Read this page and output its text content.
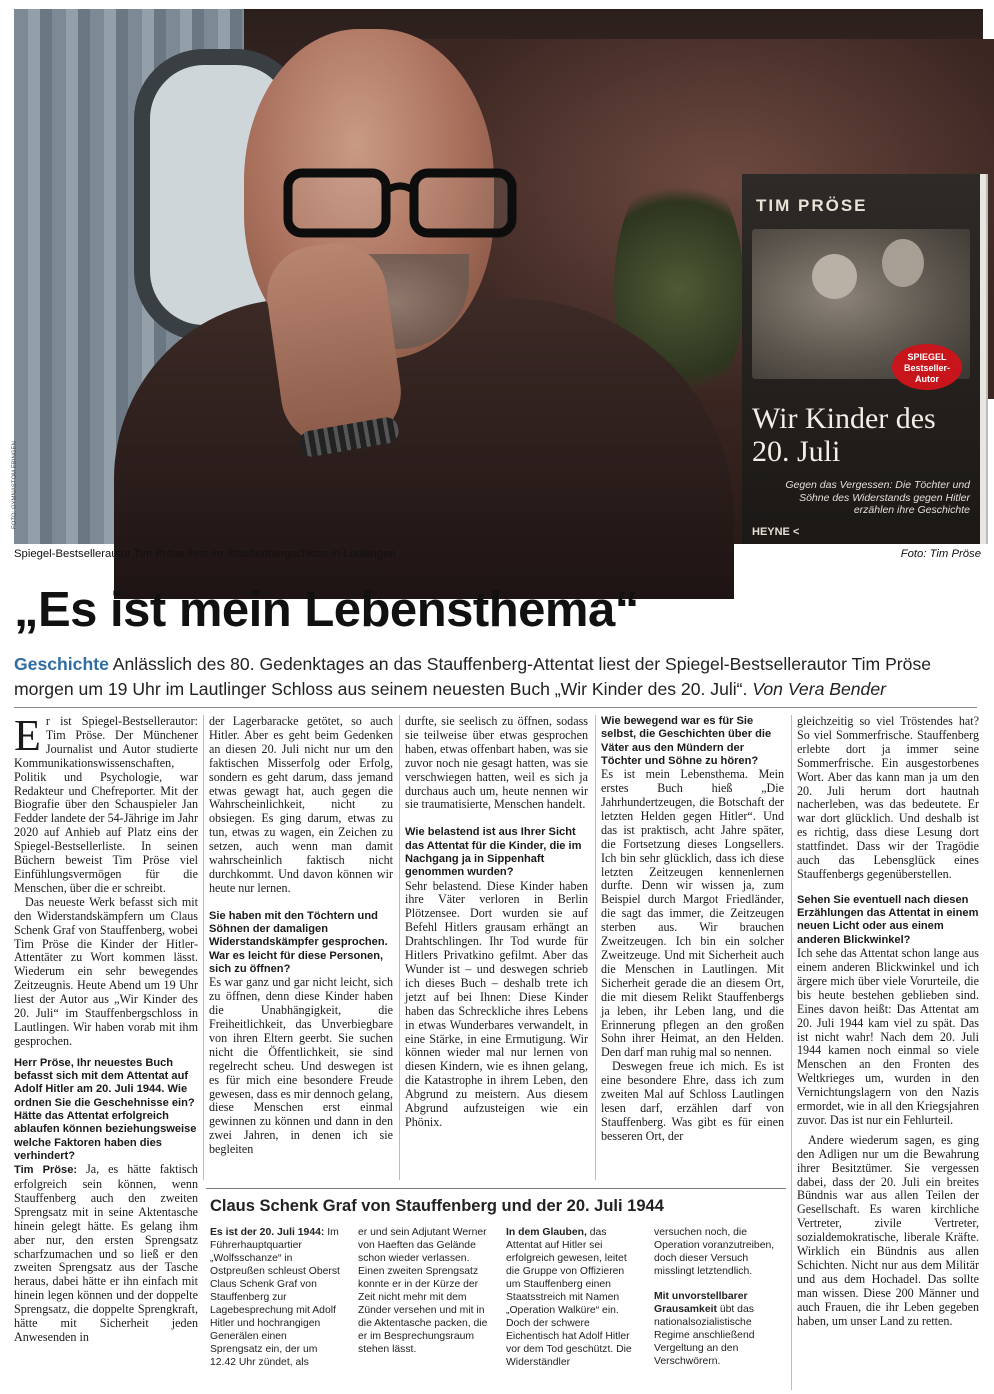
FOTO: GYMNASTOM EBINGEN
TIM PRÖSE
SPIEGEL
Bestseller-Autor
Wir Kinder des 20. Juli
Gegen das Vergessen: Die Töchter und Söhne des Widerstands gegen Hitler erzählen ihre Geschichte
HEYNE <
Spiegel-Bestsellerautor Tim Pröse liest im Stauffenbergschloss in Lautlingen.	Foto: Tim Pröse
„Es ist mein Lebensthema“
Geschichte Anlässlich des 80. Gedenktages an das Stauffenberg-Attentat liest der Spiegel-Bestsellerautor Tim Pröse morgen um 19 Uhr im Lautlinger Schloss aus seinem neuesten Buch „Wir Kinder des 20. Juli“. Von Vera Bender

Er ist Spiegel-Bestsellerautor: Tim Pröse. Der Münchener Journalist und Autor studierte Kommunikationswissenschaften, Politik und Psychologie, war Redakteur und Chefreporter. Mit der Biografie über den Schauspieler Jan Fedder landete der 54-Jährige im Jahr 2020 auf Anhieb auf Platz eins der Spiegel-Bestsellerliste. In seinen Büchern beweist Tim Pröse viel Einfühlungsvermögen für die Menschen, über die er schreibt.

Das neueste Werk befasst sich mit den Widerstandskämpfern um Claus Schenk Graf von Stauffenberg, wobei Tim Pröse die Kinder der Hitler-Attentäter zu Wort kommen lässt. Wiederum ein sehr bewegendes Zeitzeugnis. Heute Abend um 19 Uhr liest der Autor aus „Wir Kinder des 20. Juli“ im Stauffenbergschloss in Lautlingen. Wir haben vorab mit ihm gesprochen.

Herr Pröse, Ihr neuestes Buch befasst sich mit dem Attentat auf Adolf Hitler am 20. Juli 1944. Wie ordnen Sie die Geschehnisse ein? Hätte das Attentat erfolgreich ablaufen können beziehungsweise welche Faktoren haben dies verhindert?

Tim Pröse: Ja, es hätte faktisch erfolgreich sein können, wenn Stauffenberg auch den zweiten Sprengsatz mit in seine Aktentasche hinein gelegt hätte. Es gelang ihm aber nur, den ersten Sprengsatz scharfzumachen und so ließ er den zweiten Sprengsatz aus der Tasche heraus, dabei hätte er ihn einfach mit hinein legen können und der doppelte Sprengsatz, die doppelte Sprengkraft, hätte mit Sicherheit jeden Anwesenden in

der Lagerbaracke getötet, so auch Hitler. Aber es geht beim Gedenken an diesen 20. Juli nicht nur um den faktischen Misserfolg oder Erfolg, sondern es geht darum, dass jemand etwas gewagt hat, auch gegen die Wahrscheinlichkeit, nicht zu obsiegen. Es ging darum, etwas zu tun, etwas zu wagen, ein Zeichen zu setzen, auch wenn man damit wahrscheinlich faktisch nicht durchkommt. Und davon können wir heute nur lernen.

Sie haben mit den Töchtern und Söhnen der damaligen Widerstandskämpfer gesprochen. War es leicht für diese Personen, sich zu öffnen?

Es war ganz und gar nicht leicht, sich zu öffnen, denn diese Kinder haben die Unabhängigkeit, die Freiheitlichkeit, das Unverbiegbare von ihren Eltern geerbt. Sie suchen nicht die Öffentlichkeit, sie sind regelrecht scheu. Und deswegen ist es für mich eine besondere Freude gewesen, dass es mir dennoch gelang, diese Menschen erst einmal gewinnen zu können und dann in den zwei Jahren, in denen ich sie begleiten

durfte, sie seelisch zu öffnen, sodass sie teilweise über etwas gesprochen haben, etwas offenbart haben, was sie zuvor noch nie gesagt hatten, was sie verschwiegen hatten, weil es sich ja durchaus auch um, heute nennen wir sie traumatisierte, Menschen handelt.

Wie belastend ist aus Ihrer Sicht das Attentat für die Kinder, die im Nachgang ja in Sippenhaft genommen wurden?

Sehr belastend. Diese Kinder haben ihre Väter verloren in Berlin Plötzensee. Dort wurden sie auf Befehl Hitlers grausam erhängt an Drahtschlingen. Ihr Tod wurde für Hitlers Privatkino gefilmt. Aber das Wunder ist – und deswegen schrieb ich dieses Buch – deshalb trete ich jetzt auf bei Ihnen: Diese Kinder haben das Schreckliche ihres Lebens in etwas Wunderbares verwandelt, in eine Stärke, in eine Ermutigung. Wir können wieder mal nur lernen von diesen Kindern, wie es ihnen gelang, die Katastrophe in ihrem Leben, den Abgrund zu meistern. Aus diesem Abgrund aufzusteigen wie ein Phönix.

Wie bewegend war es für Sie selbst, die Geschichten über die Väter aus den Mündern der Töchter und Söhne zu hören?

Es ist mein Lebensthema. Mein erstes Buch hieß „Die Jahrhundertzeugen, die Botschaft der letzten Helden gegen Hitler“. Und das ist praktisch, acht Jahre später, die Fortsetzung dieses Longsellers. Ich bin sehr glücklich, dass ich diese letzten Zeitzeugen kennenlernen durfte. Denn wir wissen ja, zum Beispiel durch Margot Friedländer, die sagt das immer, die Zeitzeugen sterben aus. Wir brauchen Zweitzeugen. Ich bin ein solcher Zweitzeuge. Und mit Sicherheit auch die Menschen in Lautlingen. Mit Sicherheit gerade die an diesem Ort, die mit diesem Relikt Stauffenbergs ja leben, ihr Leben lang, und die Erinnerung pflegen an den großen Sohn ihrer Heimat, an den Helden. Den darf man ruhig mal so nennen.

Deswegen freue ich mich. Es ist eine besondere Ehre, dass ich zum zweiten Mal auf Schloss Lautlingen lesen darf, erzählen darf von Stauffenberg. Was gibt es für einen besseren Ort, der

gleichzeitig so viel Tröstendes hat? So viel Sommerfrische. Stauffenberg erlebte dort ja immer seine Sommerfrische. Ein ausgestorbenes Wort. Aber das kann man ja um den 20. Juli herum dort hautnah nacherleben, was das bedeutete. Er war dort glücklich. Und deshalb ist es richtig, dass diese Lesung dort stattfindet. Dass wir der Tragödie auch das Lebensglück eines Stauffenbergs gegenüberstellen.

Sehen Sie eventuell nach diesen Erzählungen das Attentat in einem neuen Licht oder aus einem anderen Blickwinkel?

Ich sehe das Attentat schon lange aus einem anderen Blickwinkel und ich ärgere mich über viele Vorurteile, die bis heute bestehen geblieben sind. Eines davon heißt: Das Attentat am 20. Juli 1944 kam viel zu spät. Das ist nicht wahr! Nach dem 20. Juli 1944 kamen noch einmal so viele Menschen an den Fronten des Weltkrieges um, wurden in den Vernichtungslagern von den Nazis ermordet, wie in all den Kriegsjahren zuvor. Das ist nur ein Fehlurteil.

Andere wiederum sagen, es ging den Adligen nur um die Bewahrung ihrer Besitztümer. Sie vergessen dabei, dass der 20. Juli ein breites Bündnis war aus allen Teilen der Gesellschaft. Es waren kirchliche Vertreter, zivile Vertreter, sozialdemokratische, liberale Kräfte. Wirklich ein Bündnis aus allen Schichten. Nicht nur aus dem Militär und aus dem Hochadel. Das sollte man wissen. Diese 200 Männer und auch Frauen, die ihr Leben gegeben haben, um unser Land zu retten.

Claus Schenk Graf von Stauffenberg und der 20. Juli 1944

Es ist der 20. Juli 1944: Im Führerhauptquartier „Wolfsschanze“ in Ostpreußen schleust Oberst Claus Schenk Graf von Stauffenberg zur Lagebesprechung mit Adolf Hitler und hochrangigen Generälen einen Sprengsatz ein, der um 12.42 Uhr zündet, als

er und sein Adjutant Werner von Haeften das Gelände schon wieder verlassen. Einen zweiten Sprengsatz konnte er in der Kürze der Zeit nicht mehr mit dem Zünder versehen und mit in die Aktentasche packen, die er im Besprechungsraum stehen lässt.

In dem Glauben, das Attentat auf Hitler sei erfolgreich gewesen, leitet die Gruppe von Offizieren um Stauffenberg einen Staatsstreich mit Namen „Operation Walküre“ ein. Doch der schwere Eichentisch hat Adolf Hitler vor dem Tod geschützt. Die Widerständler

versuchen noch, die Operation voranzutreiben, doch dieser Versuch misslingt letztendlich.

Mit unvorstellbarer Grausamkeit übt das nationalsozialistische Regime anschließend Vergeltung an den Verschwörern.
